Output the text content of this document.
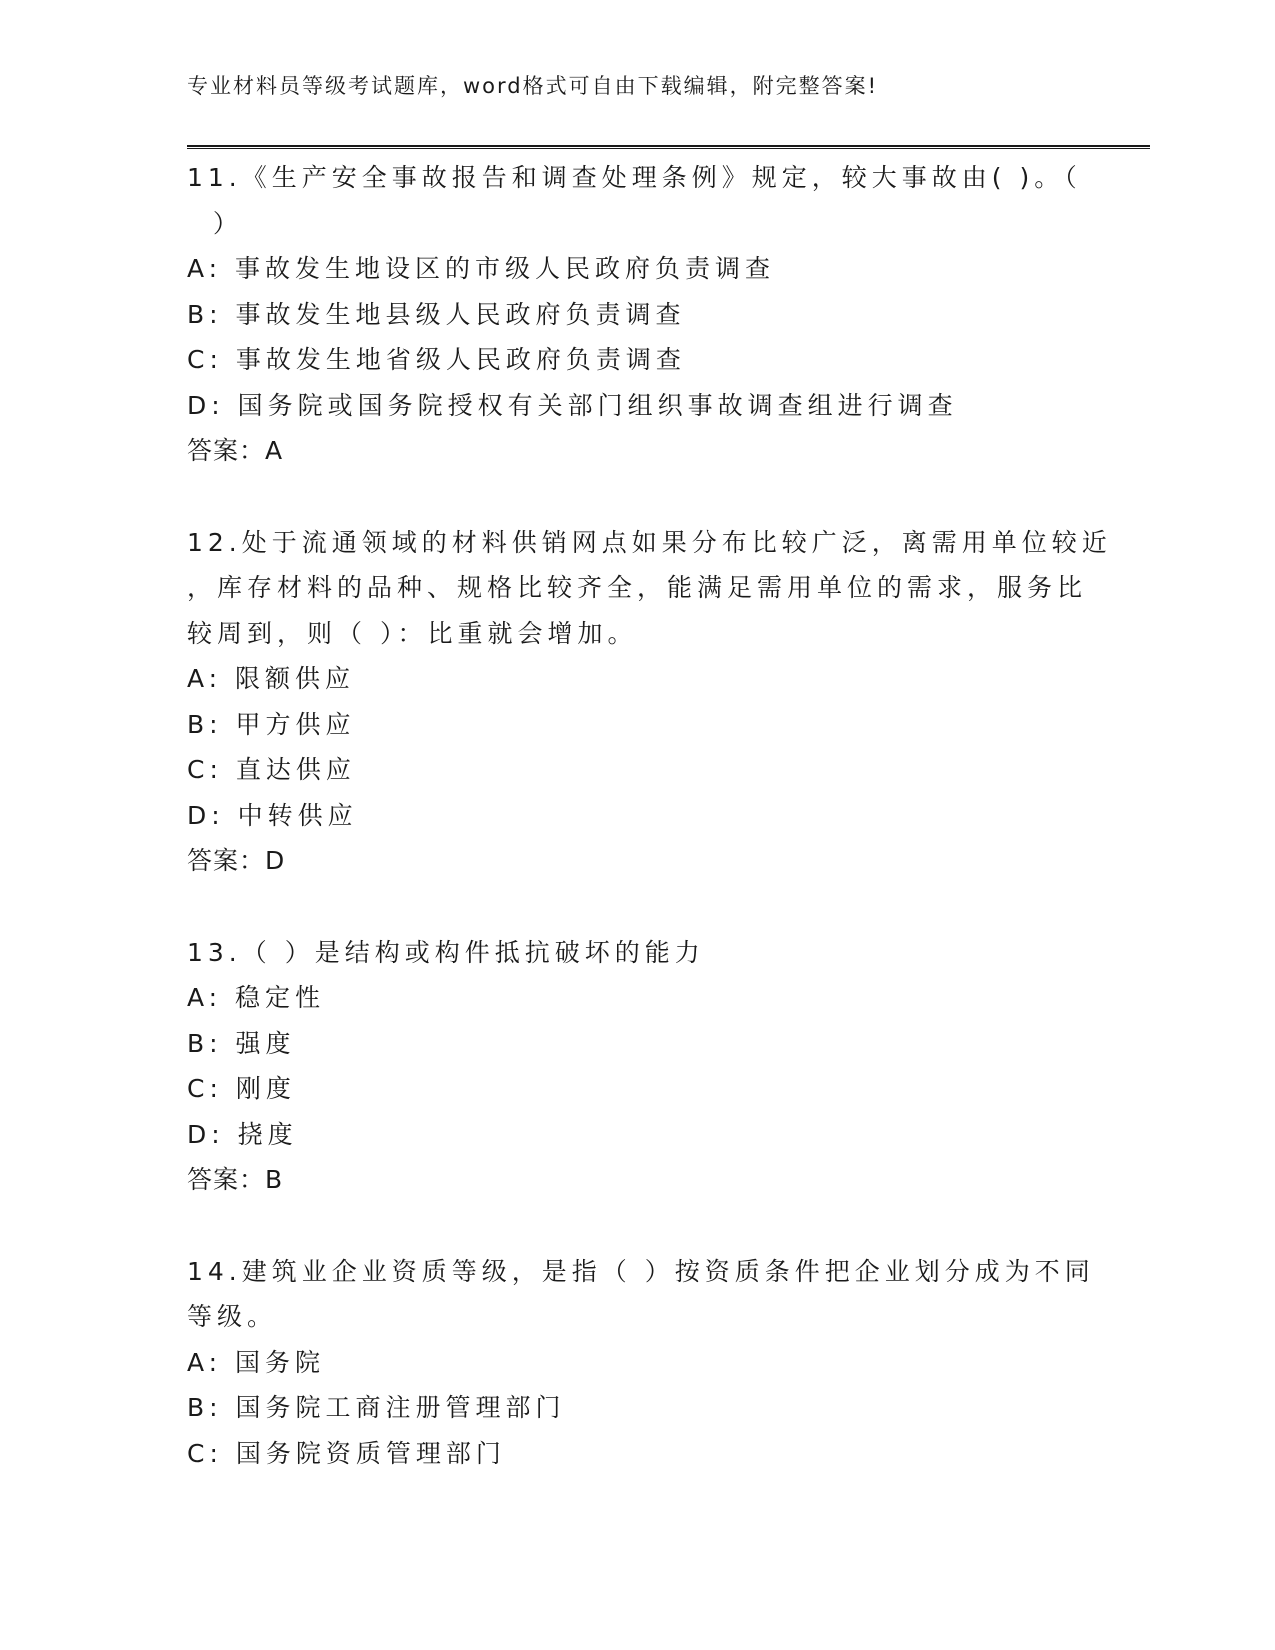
专业材料员等级考试题库，word格式可自由下载编辑，附完整答案!
11.《生产安全事故报告和调查处理条例》规定，较大事故由( )。（
）
A: 事故发生地设区的市级人民政府负责调查
B: 事故发生地县级人民政府负责调查
C: 事故发生地省级人民政府负责调查
D: 国务院或国务院授权有关部门组织事故调查组进行调查
答案：A
12.处于流通领域的材料供销网点如果分布比较广泛，离需用单位较近
，库存材料的品种、规格比较齐全，能满足需用单位的需求，服务比
较周到，则（ ）：比重就会增加。
A: 限额供应
B: 甲方供应
C: 直达供应
D: 中转供应
答案：D
13.（ ）是结构或构件抵抗破坏的能力
A: 稳定性
B: 强度
C: 刚度
D: 挠度
答案：B
14.建筑业企业资质等级，是指（ ）按资质条件把企业划分成为不同
等级。
A: 国务院
B: 国务院工商注册管理部门
C: 国务院资质管理部门
